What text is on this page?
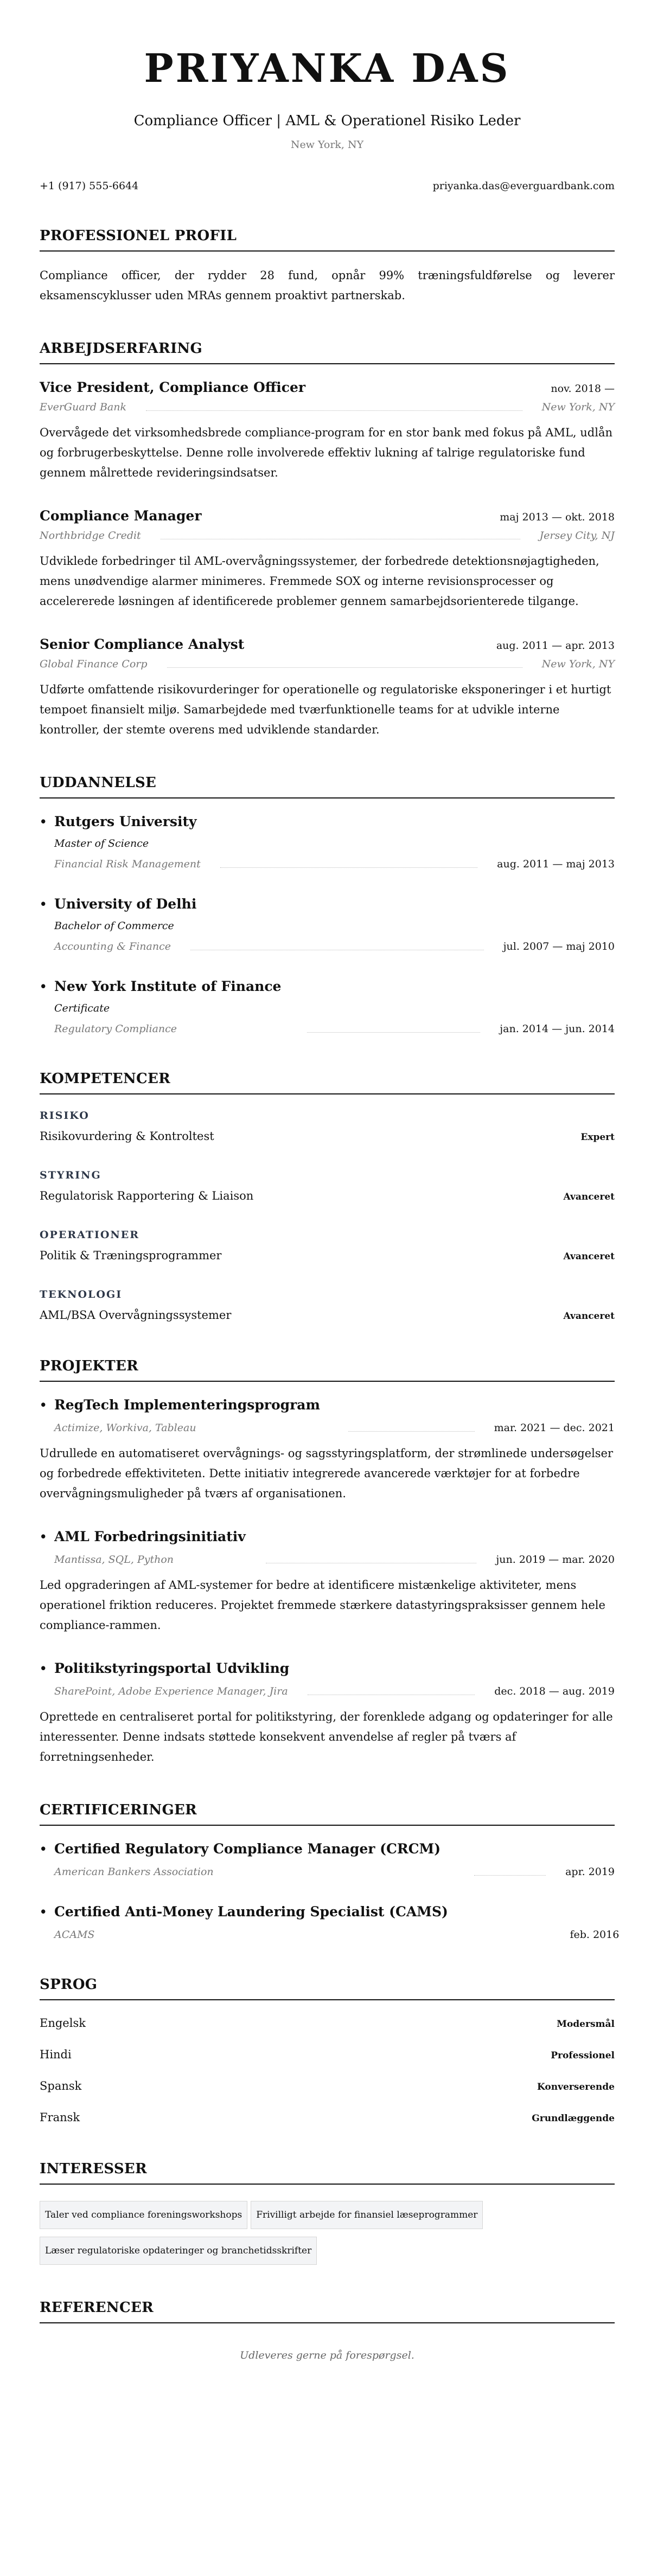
PRIYANKA DAS
Compliance Officer | AML & Operationel Risiko Leder
New York, NY
+1 (917) 555-6644	priyanka.das@everguardbank.com
PROFESSIONEL PROFIL

Compliance officer, der rydder 28 fund, opnår 99% træningsfuldførelse og leverer eksamenscyklusser uden MRAs gennem proaktivt partnerskab.

ARBEJDSERFARING
Vice President, Compliance Officer	nov. 2018 —
EverGuard Bank	New York, NY

Overvågede det virksomhedsbrede compliance-program for en stor bank med fokus på AML, udlån og forbrugerbeskyttelse. Denne rolle involverede effektiv lukning af talrige regulatoriske fund gennem målrettede revideringsindsatser.

Compliance Manager	maj 2013 — okt. 2018
Northbridge Credit	Jersey City, NJ

Udviklede forbedringer til AML-overvågningssystemer, der forbedrede detektionsnøjagtigheden, mens unødvendige alarmer minimeres. Fremmede SOX og interne revisionsprocesser og accelererede løsningen af identificerede problemer gennem samarbejdsorienterede tilgange.

Senior Compliance Analyst	aug. 2011 — apr. 2013
Global Finance Corp	New York, NY

Udførte omfattende risikovurderinger for operationelle og regulatoriske eksponeringer i et hurtigt tempoet finansielt miljø. Samarbejdede med tværfunktionelle teams for at udvikle interne kontroller, der stemte overens med udviklende standarder.

UDDANNELSE
• Rutgers University
Master of Science
Financial Risk Management	aug. 2011 — maj 2013
• University of Delhi
Bachelor of Commerce
Accounting & Finance	jul. 2007 — maj 2010
• New York Institute of Finance
Certificate
Regulatory Compliance	jan. 2014 — jun. 2014
KOMPETENCER
RISIKO
Risikovurdering & Kontroltest	Expert
STYRING
Regulatorisk Rapportering & Liaison	Avanceret
OPERATIONER
Politik & Træningsprogrammer	Avanceret
TEKNOLOGI
AML/BSA Overvågningssystemer	Avanceret
PROJEKTER
• RegTech Implementeringsprogram
Actimize, Workiva, Tableau	mar. 2021 — dec. 2021

Udrullede en automatiseret overvågnings- og sagsstyringsplatform, der strømlinede undersøgelser og forbedrede effektiviteten. Dette initiativ integrerede avancerede værktøjer for at forbedre overvågningsmuligheder på tværs af organisationen.

• AML Forbedringsinitiativ
Mantissa, SQL, Python	jun. 2019 — mar. 2020

Led opgraderingen af AML-systemer for bedre at identificere mistænkelige aktiviteter, mens operationel friktion reduceres. Projektet fremmede stærkere datastyringspraksisser gennem hele compliance-rammen.

• Politikstyringsportal Udvikling
SharePoint, Adobe Experience Manager, Jira	dec. 2018 — aug. 2019

Oprettede en centraliseret portal for politikstyring, der forenklede adgang og opdateringer for alle interessenter. Denne indsats støttede konsekvent anvendelse af regler på tværs af forretningsenheder.

CERTIFICERINGER
• Certified Regulatory Compliance Manager (CRCM)
American Bankers Association	apr. 2019
• Certified Anti-Money Laundering Specialist (CAMS)
ACAMS	feb. 2016
SPROG
Engelsk	Modersmål
Hindi	Professionel
Spansk	Konverserende
Fransk	Grundlæggende
INTERESSER
Taler ved compliance foreningsworkshops	Frivilligt arbejde for finansiel læseprogrammer
Læser regulatoriske opdateringer og branchetidsskrifter
REFERENCER

Udleveres gerne på forespørgsel.
